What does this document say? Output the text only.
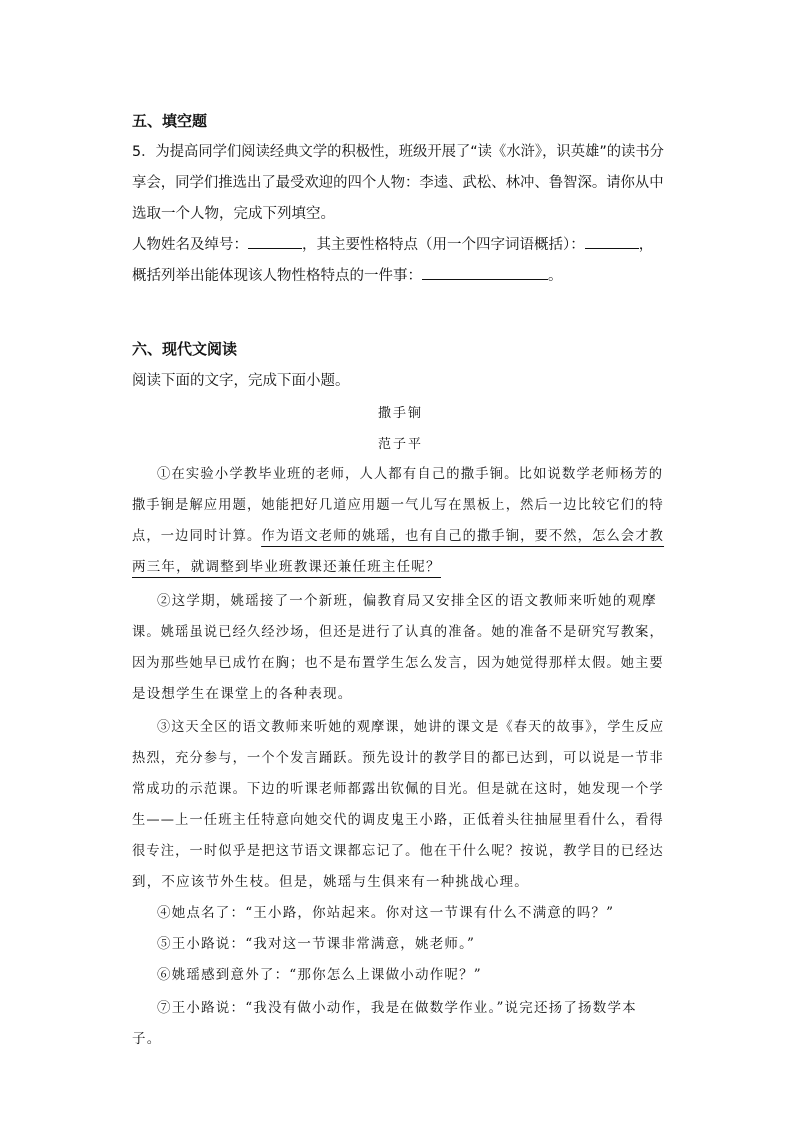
五、填空题
5．为提高同学们阅读经典文学的积极性，班级开展了“读《水浒》，识英雄”的读书分
享会，同学们推选出了最受欢迎的四个人物：李逵、武松、林冲、鲁智深。请你从中
选取一个人物，完成下列填空。
人物姓名及绰号：	，其主要性格特点（用一个四字词语概括）：	，
概括列举出能体现该人物性格特点的一件事：	。
六、现代文阅读
阅读下面的文字，完成下面小题。
撒手锏
范子平
①在实验小学教毕业班的老师，人人都有自己的撒手锏。比如说数学老师杨芳的
撒手锏是解应用题，她能把好几道应用题一气儿写在黑板上，然后一边比较它们的特
点，一边同时计算。作为语文老师的姚瑶，也有自己的撒手锏，要不然，怎么会才教
两三年，就调整到毕业班教课还兼任班主任呢？
②这学期，姚瑶接了一个新班，偏教育局又安排全区的语文教师来听她的观摩
课。姚瑶虽说已经久经沙场，但还是进行了认真的准备。她的准备不是研究写教案，
因为那些她早已成竹在胸；也不是布置学生怎么发言，因为她觉得那样太假。她主要
是设想学生在课堂上的各种表现。
③这天全区的语文教师来听她的观摩课，她讲的课文是《春天的故事》，学生反应
热烈，充分参与，一个个发言踊跃。预先设计的教学目的都已达到，可以说是一节非
常成功的示范课。下边的听课老师都露出钦佩的目光。但是就在这时，她发现一个学
生——上一任班主任特意向她交代的调皮鬼王小路，正低着头往抽屉里看什么，看得
很专注，一时似乎是把这节语文课都忘记了。他在干什么呢？按说，教学目的已经达
到，不应该节外生枝。但是，姚瑶与生俱来有一种挑战心理。
④她点名了：“王小路，你站起来。你对这一节课有什么不满意的吗？”
⑤王小路说：“我对这一节课非常满意，姚老师。”
⑥姚瑶感到意外了：“那你怎么上课做小动作呢？”
⑦王小路说：“我没有做小动作，我是在做数学作业。”说完还扬了扬数学本
子。
